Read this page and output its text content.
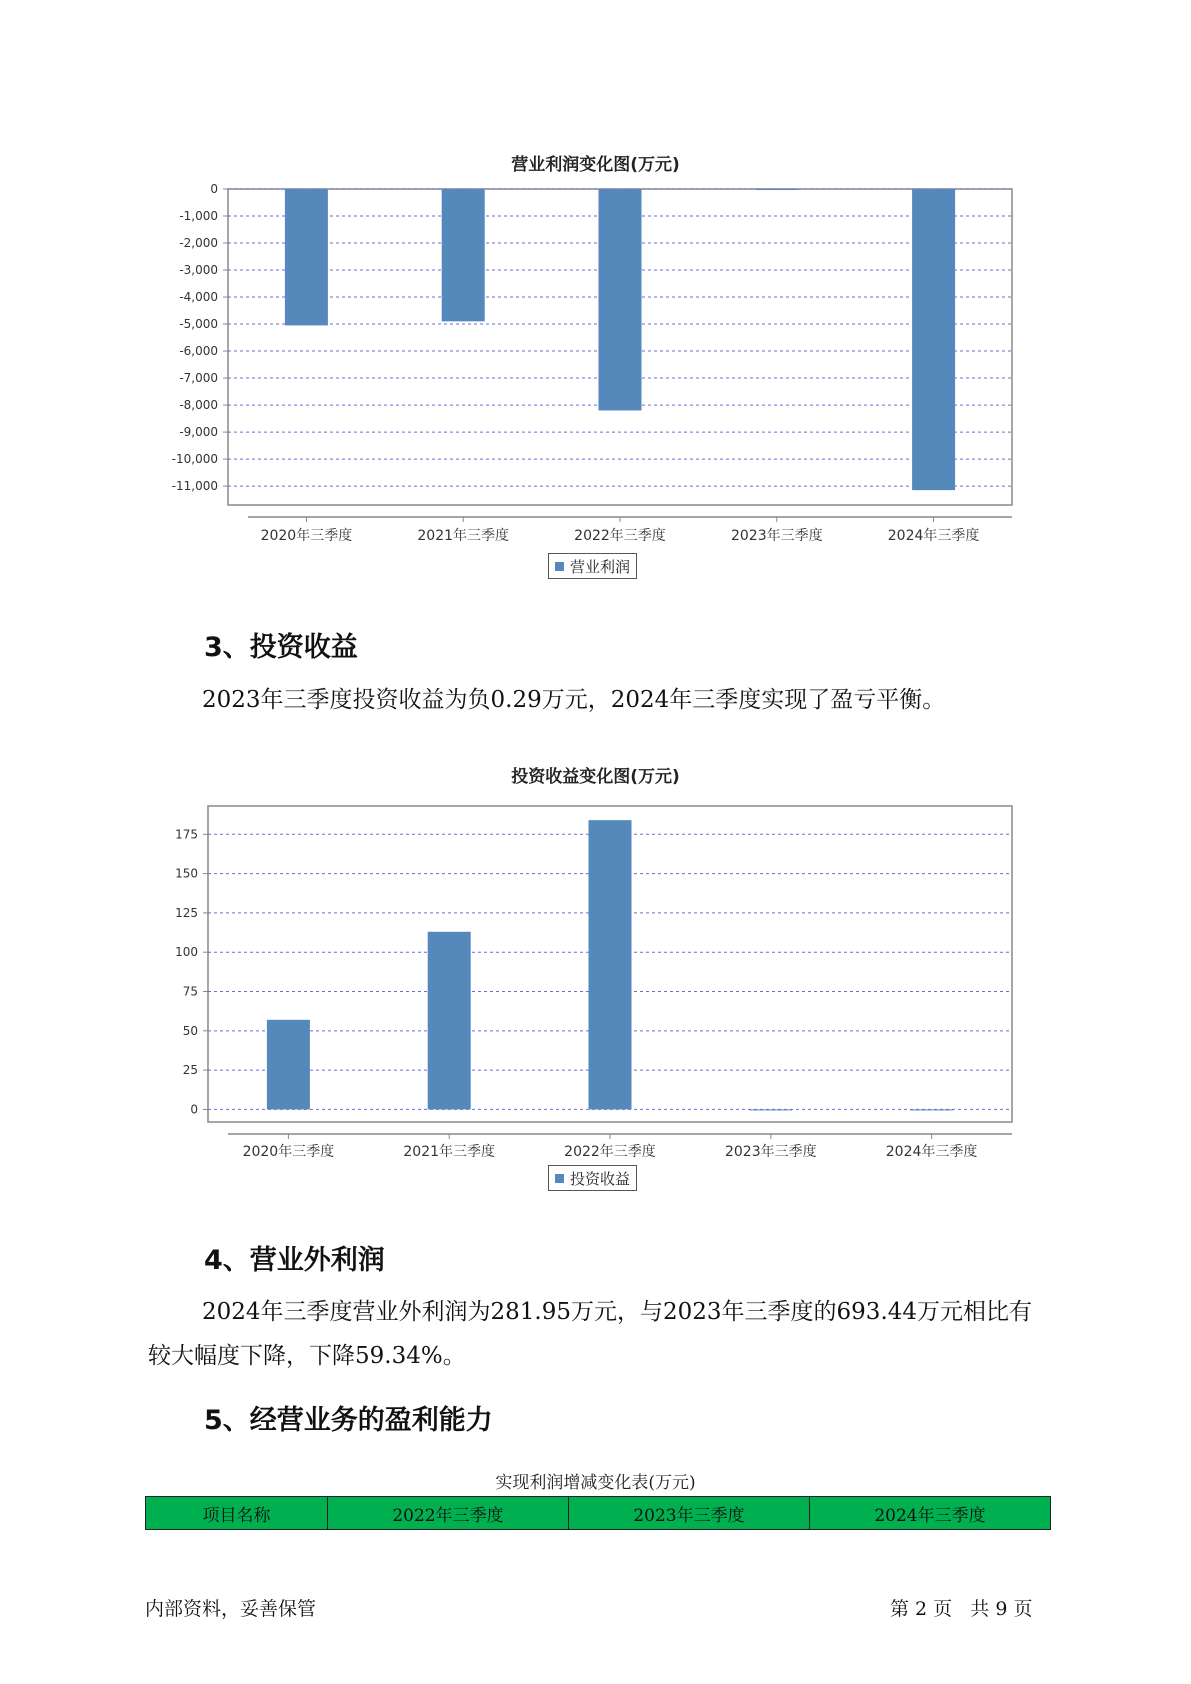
营业利润变化图(万元)
0
-1,000
-2,000
-3,000
-4,000
-5,000
-6,000
-7,000
-8,000
-9,000
-10,000
-11,000
2020年三季度	2021年三季度	2022年三季度	2023年三季度	2024年三季度
营业利润
3、投资收益
2023年三季度投资收益为负0.29万元，2024年三季度实现了盈亏平衡。
投资收益变化图(万元)
0
25
50
75
100
125
150
175
2020年三季度	2021年三季度	2022年三季度	2023年三季度	2024年三季度
投资收益
4、营业外利润
2024年三季度营业外利润为281.95万元，与2023年三季度的693.44万元相比有较大幅度下降，下降59.34%。
5、经营业务的盈利能力
实现利润增减变化表(万元)
项目名称	2022年三季度	2023年三季度	2024年三季度
内部资料，妥善保管	第 2 页   共 9 页
